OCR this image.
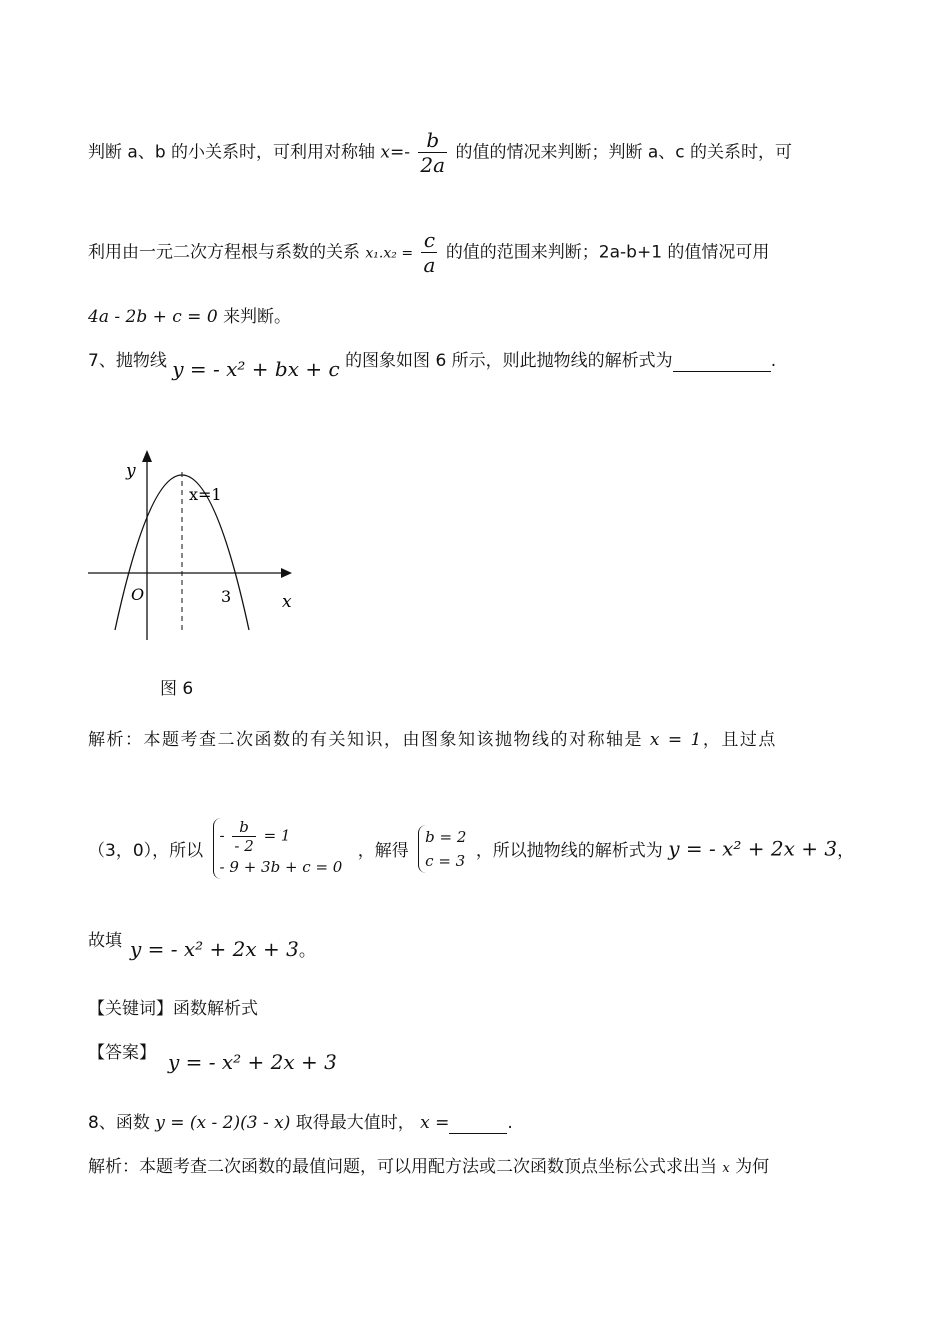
判断 a、b 的小关系时，可利用对称轴 $x=- \frac{b}{2a}$ 的值的情况来判断；判断 a、c 的关系时，可
利用由一元二次方程根与系数的关系 $x_1.x_2 = \frac{c}{a}$ 的值的范围来判断；2a-b+1 的值情况可用
4a - 2b + c = 0 来判断。
7、抛物线 y = - x² + bx + c 的图象如图 6 所示，则此抛物线的解析式为	.
y
x
O	3
x=1
图 6
解析：本题考查二次函数的有关知识，由图象知该抛物线的对称轴是 x = 1，且过点
（3，0），所以
- $\frac{b}{- 2} = 1$
- 9 + 3b + c = 0
，解得
b = 2
c = 3 ，所以抛物线的解析式为 y = - x² + 2x + 3，
故填 y = - x² + 2x + 3。
【关键词】函数解析式
【答案】 y = - x² + 2x + 3
8、函数 y = (x - 2)(3 - x) 取得最大值时， x =	.
解析：本题考查二次函数的最值问题，可以用配方法或二次函数顶点坐标公式求出当 x 为何
